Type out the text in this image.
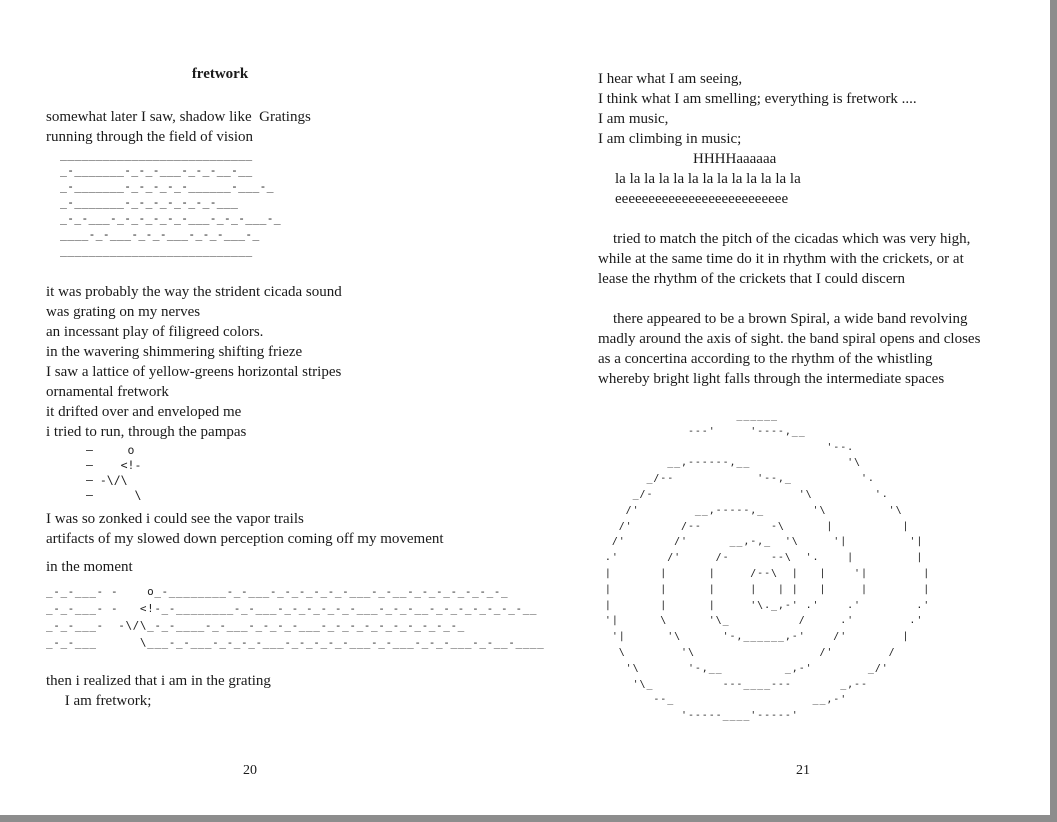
fretwork

somewhat later I saw, shadow like  Gratings
running through the field of vision

___________________________
_-_______-_-_-___-_-_-__-__
_-_______-_-_-_-_-______-___-_
_-_______-_-_-_-_-_-_-___
_-_-___-_-_-_-_-_-___-_-_-___-_
____-_-___-_-_-___-_-_-___-_
___________________________

it was probably the way the strident cicada sound
was grating on my nerves
an incessant play of filigreed colors.
in the wavering shimmering shifting frieze
I saw a lattice of yellow-greens horizontal stripes
ornamental fretwork
it drifted over and enveloped me
i tried to run, through the pampas

–     o
–    <!-
– -\/\
–      \

I was so zonked i could see the vapor trails
artifacts of my slowed down perception coming off my movement

in the moment

_-_-___- -    o_-________-_-___-_-_-_-_-_-___-_-__-_-_-_-_-_-_-_
_-_-___- -   <!-_-________-_-___-_-_-_-_-_-___-_-_-__-_-_-_-_-_-_-__
_-_-___-  -\/\_-_-____-_-___-_-_-_-___-_-_-_-_-_-_-_-_-_-_
_-_-___      \___-_-___-_-_-_-___-_-_-_-_-___-_-___-_-_-___-_-__-____

then i realized that i am in the grating
I am fretwork;

20

I hear what I am seeing,
I think what I am smelling; everything is fretwork ....
I am music,
I am climbing in music;

HHHHaaaaaa

la la la la la la la la la la la la la

eeeeeeeeeeeeeeeeeeeeeeeeee

tried to match the pitch of the cicadas which was very high,
while at the same time do it in rhythm with the crickets, or at
lease the rhythm of the crickets that I could discern

there appeared to be a brown Spiral, a wide band revolving
madly around the axis of sight. the band spiral opens and closes
as a concertina according to the rhythm of the whistling
whereby bright light falls through the intermediate spaces

______
---'     '----,__
'--.
__,------,__              '\
_/--            '--,_          '.
_/-                     '\         '.
/'        __,-----,_       '\         '\
/'       /--          -\      |          |
/'       /'      __,-,_  '\     '|         '|
.'       /'     /-      --\  '.    |         |
|       |      |     /--\  |   |    '|        |
|       |      |     |   | |   |     |        |
|       |      |     '\._,-' .'    .'        .'
'|      \      '\_          /     .'        .'
'|      '\      '-,______,-'    /'        |
\        '\                  /'        /
'\       '-,__         _,-'        _/'
'\_          ---____---       _,--
--_                    __,-'
'-----____'-----'
21
